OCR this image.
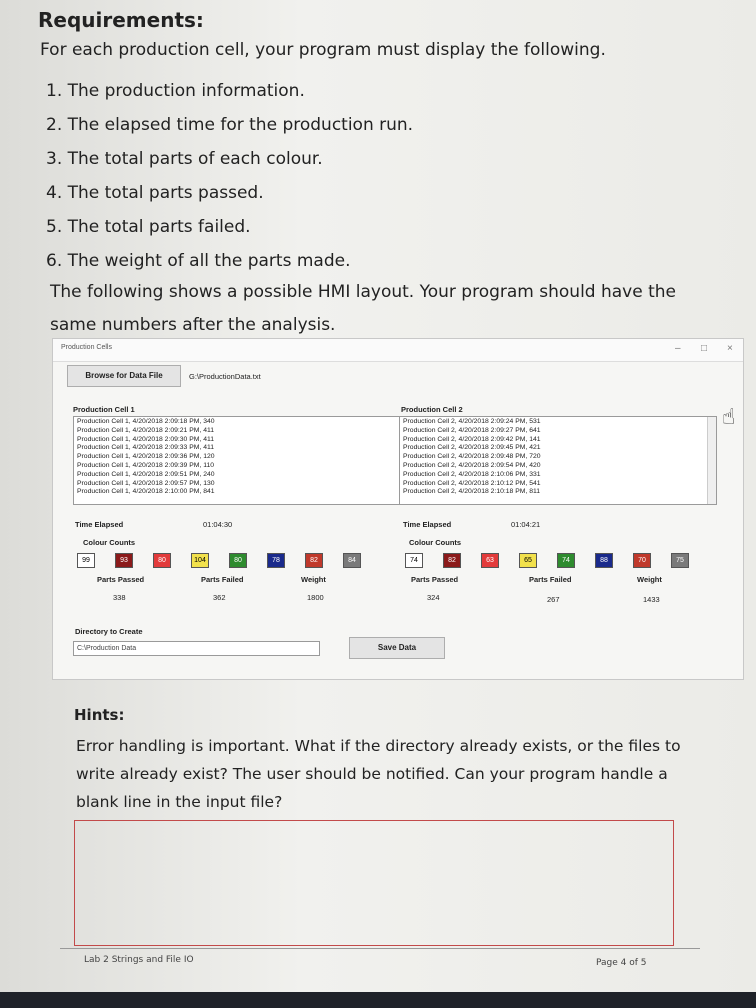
Requirements:
For each production cell, your program must display the following.
1. The production information.
2. The elapsed time for the production run.
3. The total parts of each colour.
4. The total parts passed.
5. The total parts failed.
6. The weight of all the parts made.
The following shows a possible HMI layout. Your program should have the same numbers after the analysis.
Production Cells	– □ ×
Browse for Data File	G:\ProductionData.txt
Production Cell 1
Production Cell 1, 4/20/2018 2:09:18 PM, 340
Production Cell 1, 4/20/2018 2:09:21 PM, 411
Production Cell 1, 4/20/2018 2:09:30 PM, 411
Production Cell 1, 4/20/2018 2:09:33 PM, 411
Production Cell 1, 4/20/2018 2:09:36 PM, 120
Production Cell 1, 4/20/2018 2:09:39 PM, 110
Production Cell 1, 4/20/2018 2:09:51 PM, 240
Production Cell 1, 4/20/2018 2:09:57 PM, 130
Production Cell 1, 4/20/2018 2:10:00 PM, 841
Time Elapsed	01:04:30
Colour Counts
99	93	80	104	80	78	82	84
Parts Passed
338
Parts Failed
362
Weight
1800
Production Cell 2
Production Cell 2, 4/20/2018 2:09:24 PM, 531
Production Cell 2, 4/20/2018 2:09:27 PM, 641
Production Cell 2, 4/20/2018 2:09:42 PM, 141
Production Cell 2, 4/20/2018 2:09:45 PM, 421
Production Cell 2, 4/20/2018 2:09:48 PM, 720
Production Cell 2, 4/20/2018 2:09:54 PM, 420
Production Cell 2, 4/20/2018 2:10:06 PM, 331
Production Cell 2, 4/20/2018 2:10:12 PM, 541
Production Cell 2, 4/20/2018 2:10:18 PM, 811
Time Elapsed	01:04:21
Colour Counts
74	82	63	65	74	88	70	75
Parts Passed
324
Parts Failed
267
Weight
1433
Directory to Create
C:\Production Data	Save Data
☝
Hints:
Error handling is important. What if the directory already exists, or the files to write already exist? The user should be notified. Can your program handle a blank line in the input file?
Lab 2 Strings and File IO	Page 4 of 5
